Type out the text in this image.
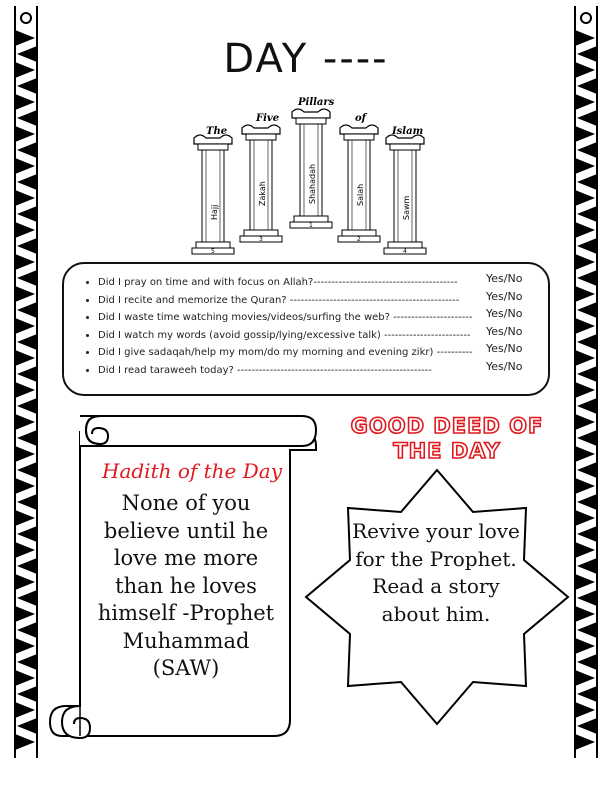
DAY ----
The
Five
Pillars
of
Islam
Hajj
5
Zakah
3
Shahadah
1
Salah
2
Sawm
4
• Did I pray on time and with focus on Allah?----------------------------------------	Yes/No
• Did I recite and memorize the Quran? ----------------------------------------------- Yes/No
• Did I waste time watching movies/videos/surfing the web? ---------------------- Yes/No
• Did I watch my words (avoid gossip/lying/excessive talk) ------------------------ Yes/No
• Did I give sadaqah/help my mom/do my morning and evening zikr) ---------- Yes/No
• Did I read taraweeh today? ------------------------------------------------------	Yes/No
Hadith of the Day
None of you believe until he love me more than he loves himself -Prophet Muhammad (SAW)
GOOD DEED OF THE DAY
Revive your love for the Prophet. Read a story about him.
